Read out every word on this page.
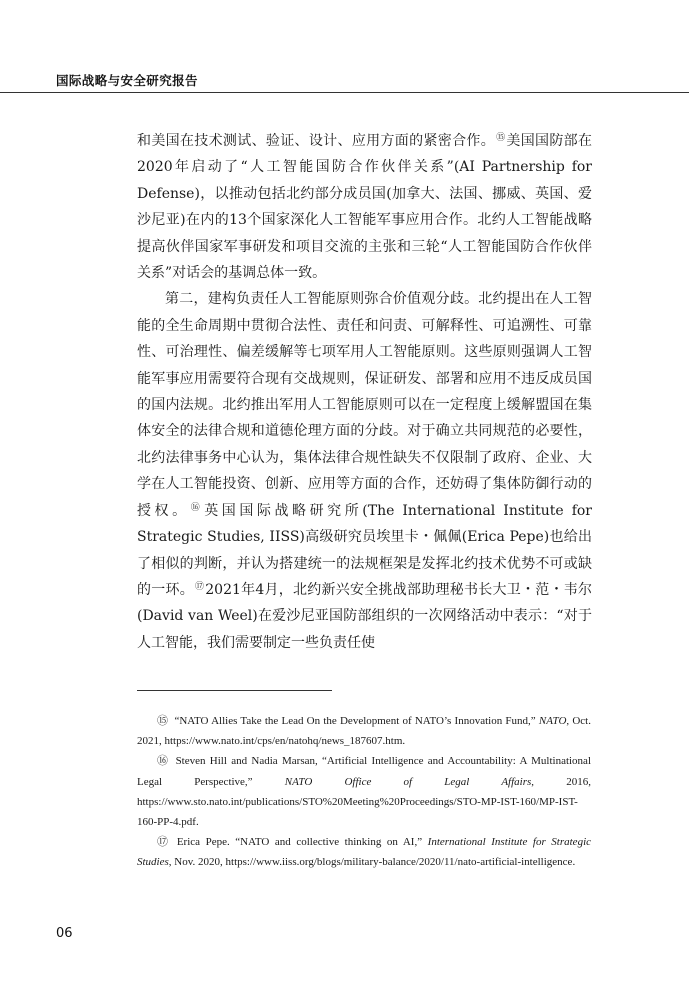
国际战略与安全研究报告

和美国在技术测试、验证、设计、应用方面的紧密合作。⑮美国国防部在2020年启动了“人工智能国防合作伙伴关系”(AI Partnership for Defense)，以推动包括北约部分成员国(加拿大、法国、挪威、英国、爱沙尼亚)在内的13个国家深化人工智能军事应用合作。北约人工智能战略提高伙伴国家军事研发和项目交流的主张和三轮“人工智能国防合作伙伴关系”对话会的基调总体一致。

第二，建构负责任人工智能原则弥合价值观分歧。北约提出在人工智能的全生命周期中贯彻合法性、责任和问责、可解释性、可追溯性、可靠性、可治理性、偏差缓解等七项军用人工智能原则。这些原则强调人工智能军事应用需要符合现有交战规则，保证研发、部署和应用不违反成员国的国内法规。北约推出军用人工智能原则可以在一定程度上缓解盟国在集体安全的法律合规和道德伦理方面的分歧。对于确立共同规范的必要性，北约法律事务中心认为，集体法律合规性缺失不仅限制了政府、企业、大学在人工智能投资、创新、应用等方面的合作，还妨碍了集体防御行动的授权。⑯英国国际战略研究所(The International Institute for Strategic Studies, IISS)高级研究员埃里卡・佩佩(Erica Pepe)也给出了相似的判断，并认为搭建统一的法规框架是发挥北约技术优势不可或缺的一环。⑰2021年4月，北约新兴安全挑战部助理秘书长大卫・范・韦尔(David van Weel)在爱沙尼亚国防部组织的一次网络活动中表示：“对于人工智能，我们需要制定一些负责任使

⑮ “NATO Allies Take the Lead On the Development of NATO’s Innovation Fund,” NATO, Oct. 2021, https://www.nato.int/cps/en/natohq/news_187607.htm.

⑯ Steven Hill and Nadia Marsan, “Artificial Intelligence and Accountability: A Multinational Legal Perspective,” NATO Office of Legal Affairs, 2016, https://www.sto.nato.int/publications/STO%20Meeting%20Proceedings/STO-MP-IST-160/MP-IST-160-PP-4.pdf.

⑰ Erica Pepe. “NATO and collective thinking on AI,” International Institute for Strategic Studies, Nov. 2020, https://www.iiss.org/blogs/military-balance/2020/11/nato-artificial-intelligence.

06
